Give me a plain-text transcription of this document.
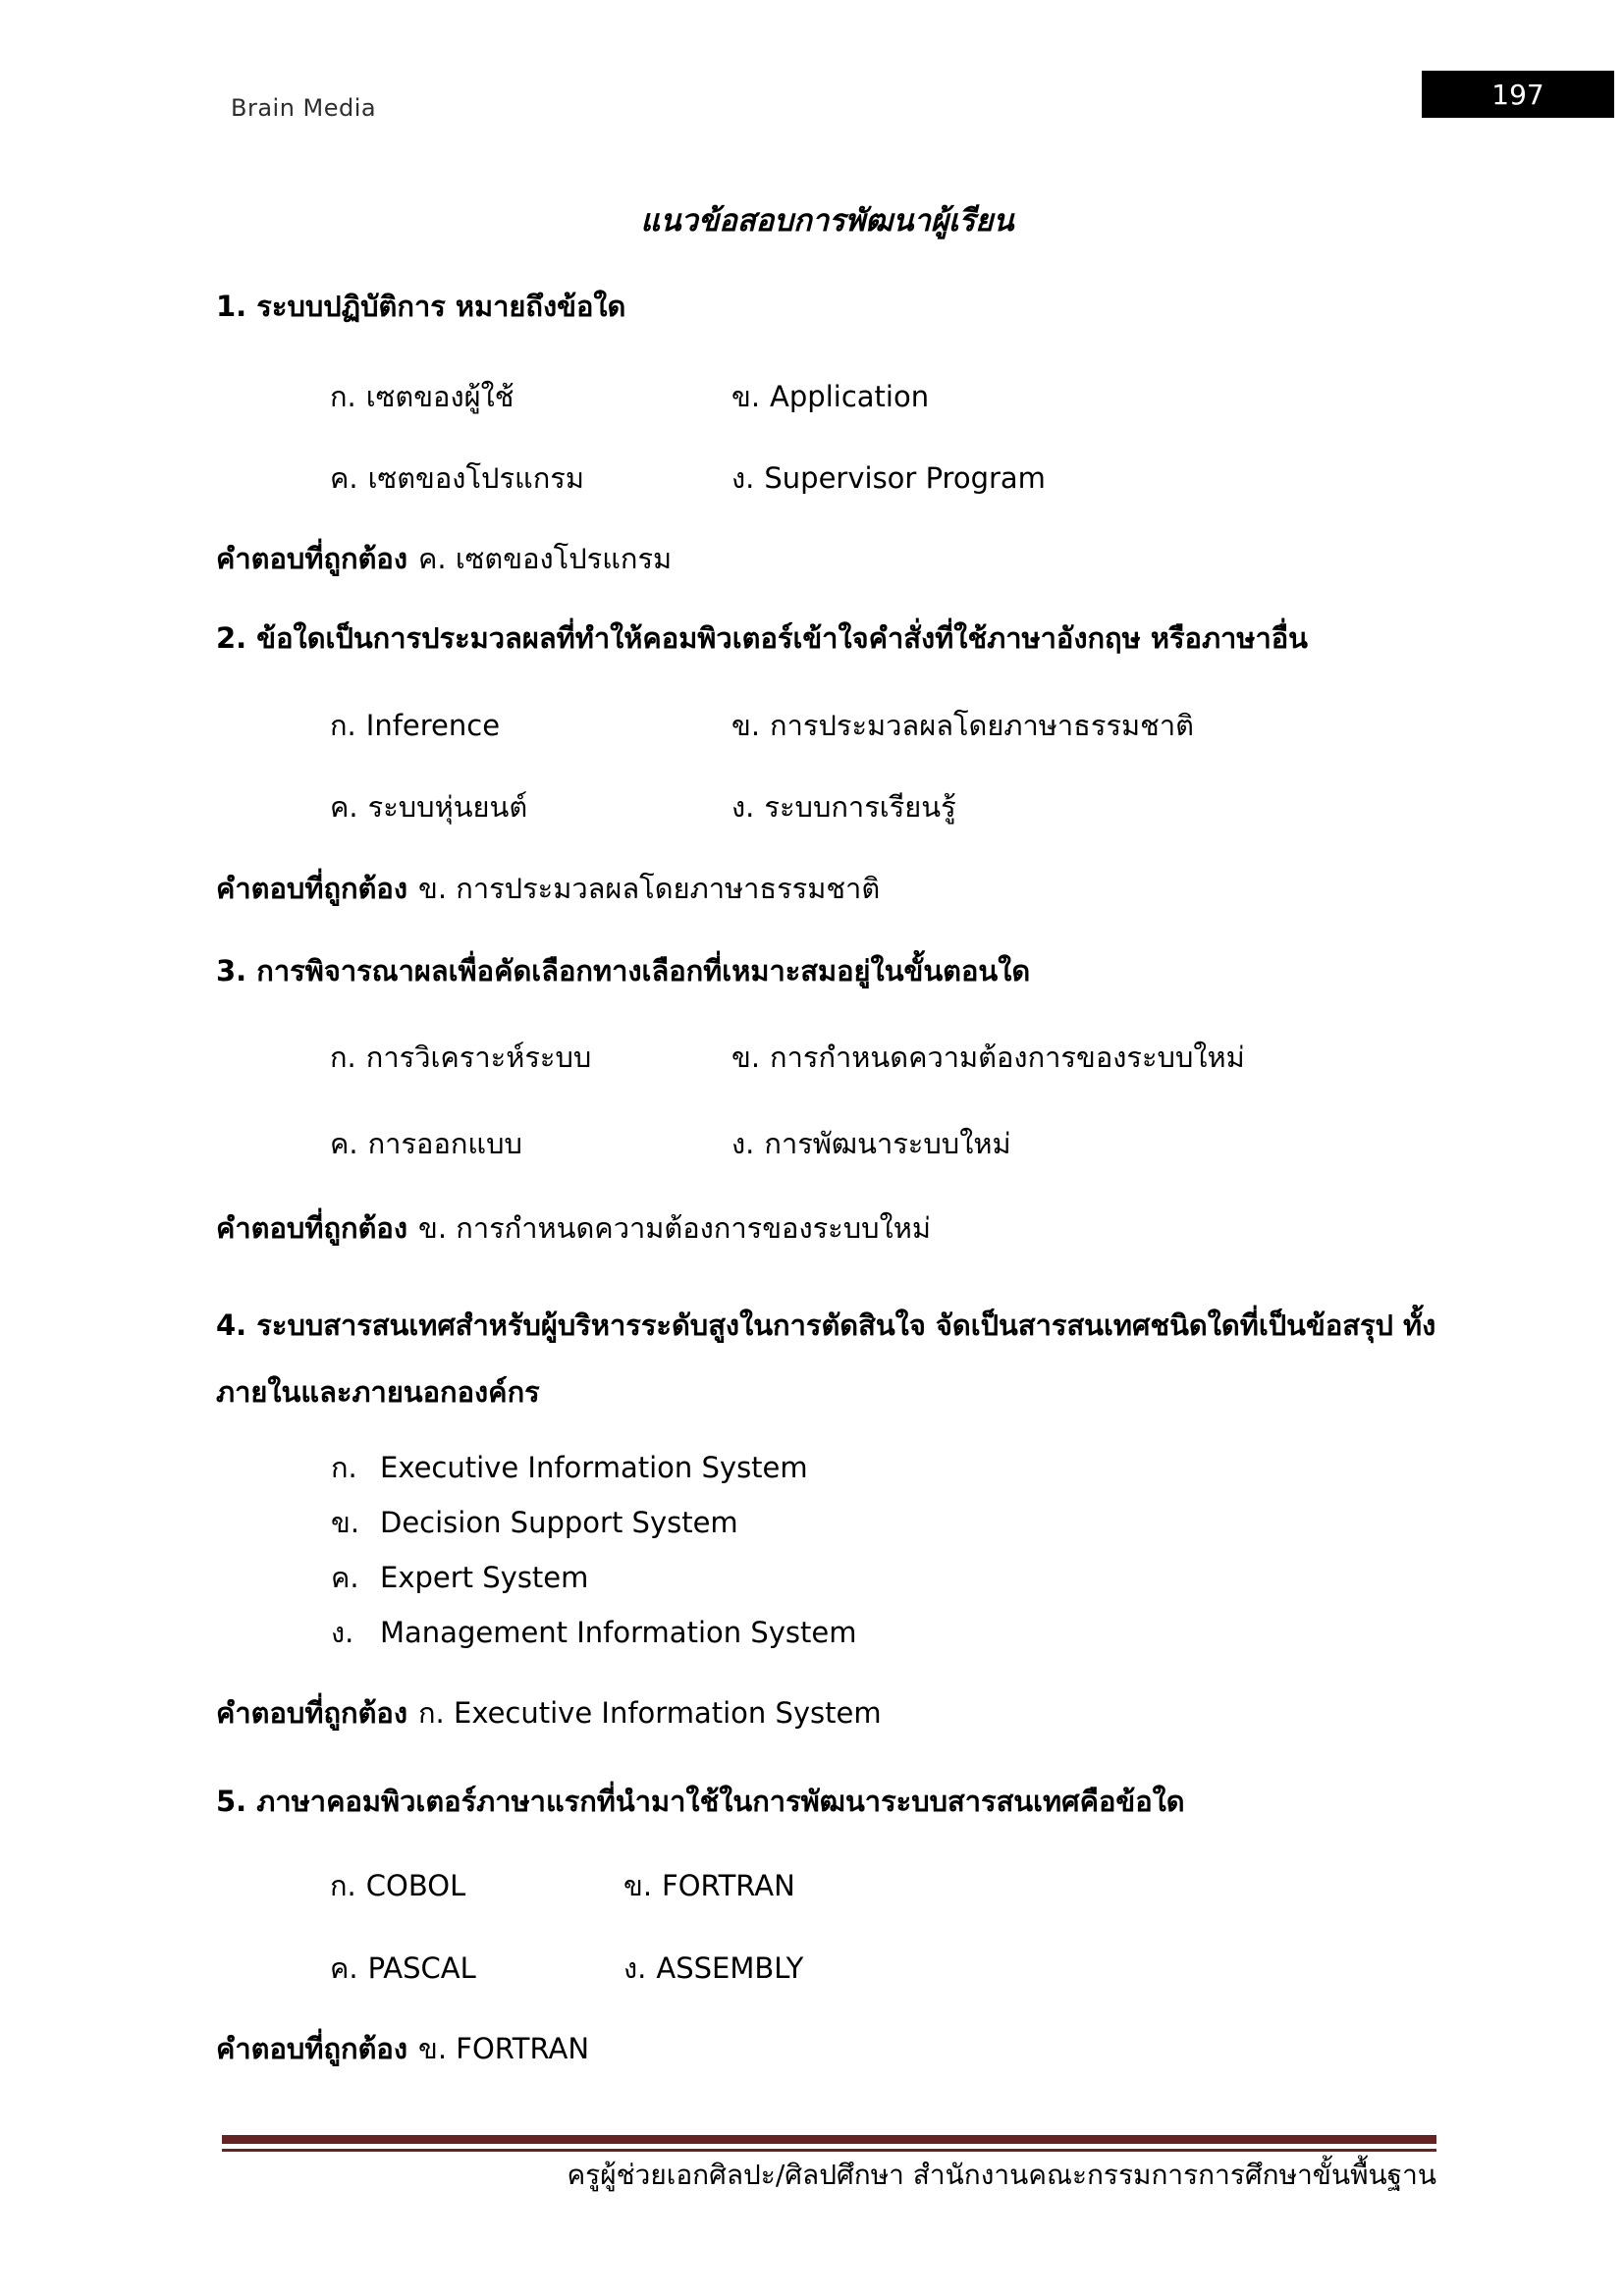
Brain Media	197
แนวข้อสอบการพัฒนาผู้เรียน
1. ระบบปฏิบัติการ หมายถึงข้อใด
ก. เซตของผู้ใช้	ข. Application
ค. เซตของโปรแกรม	ง. Supervisor Program
คำตอบที่ถูกต้อง ค. เซตของโปรแกรม
2. ข้อใดเป็นการประมวลผลที่ทำให้คอมพิวเตอร์เข้าใจคำสั่งที่ใช้ภาษาอังกฤษ หรือภาษาอื่น
ก. Inference	ข. การประมวลผลโดยภาษาธรรมชาติ
ค. ระบบหุ่นยนต์	ง. ระบบการเรียนรู้
คำตอบที่ถูกต้อง ข. การประมวลผลโดยภาษาธรรมชาติ
3. การพิจารณาผลเพื่อคัดเลือกทางเลือกที่เหมาะสมอยู่ในขั้นตอนใด
ก. การวิเคราะห์ระบบ	ข. การกำหนดความต้องการของระบบใหม่
ค. การออกแบบ	ง. การพัฒนาระบบใหม่
คำตอบที่ถูกต้อง ข. การกำหนดความต้องการของระบบใหม่
4. ระบบสารสนเทศสำหรับผู้บริหารระดับสูงในการตัดสินใจ จัดเป็นสารสนเทศชนิดใดที่เป็นข้อสรุป ทั้งภายในและภายนอกองค์กร
ก. Executive Information System
ข. Decision Support System
ค. Expert System
ง. Management Information System
คำตอบที่ถูกต้อง ก. Executive Information System
5. ภาษาคอมพิวเตอร์ภาษาแรกที่นำมาใช้ในการพัฒนาระบบสารสนเทศคือข้อใด
ก. COBOL	ข. FORTRAN
ค. PASCAL	ง. ASSEMBLY
คำตอบที่ถูกต้อง ข. FORTRAN
ครูผู้ช่วยเอกศิลปะ/ศิลปศึกษา สำนักงานคณะกรรมการการศึกษาขั้นพื้นฐาน
